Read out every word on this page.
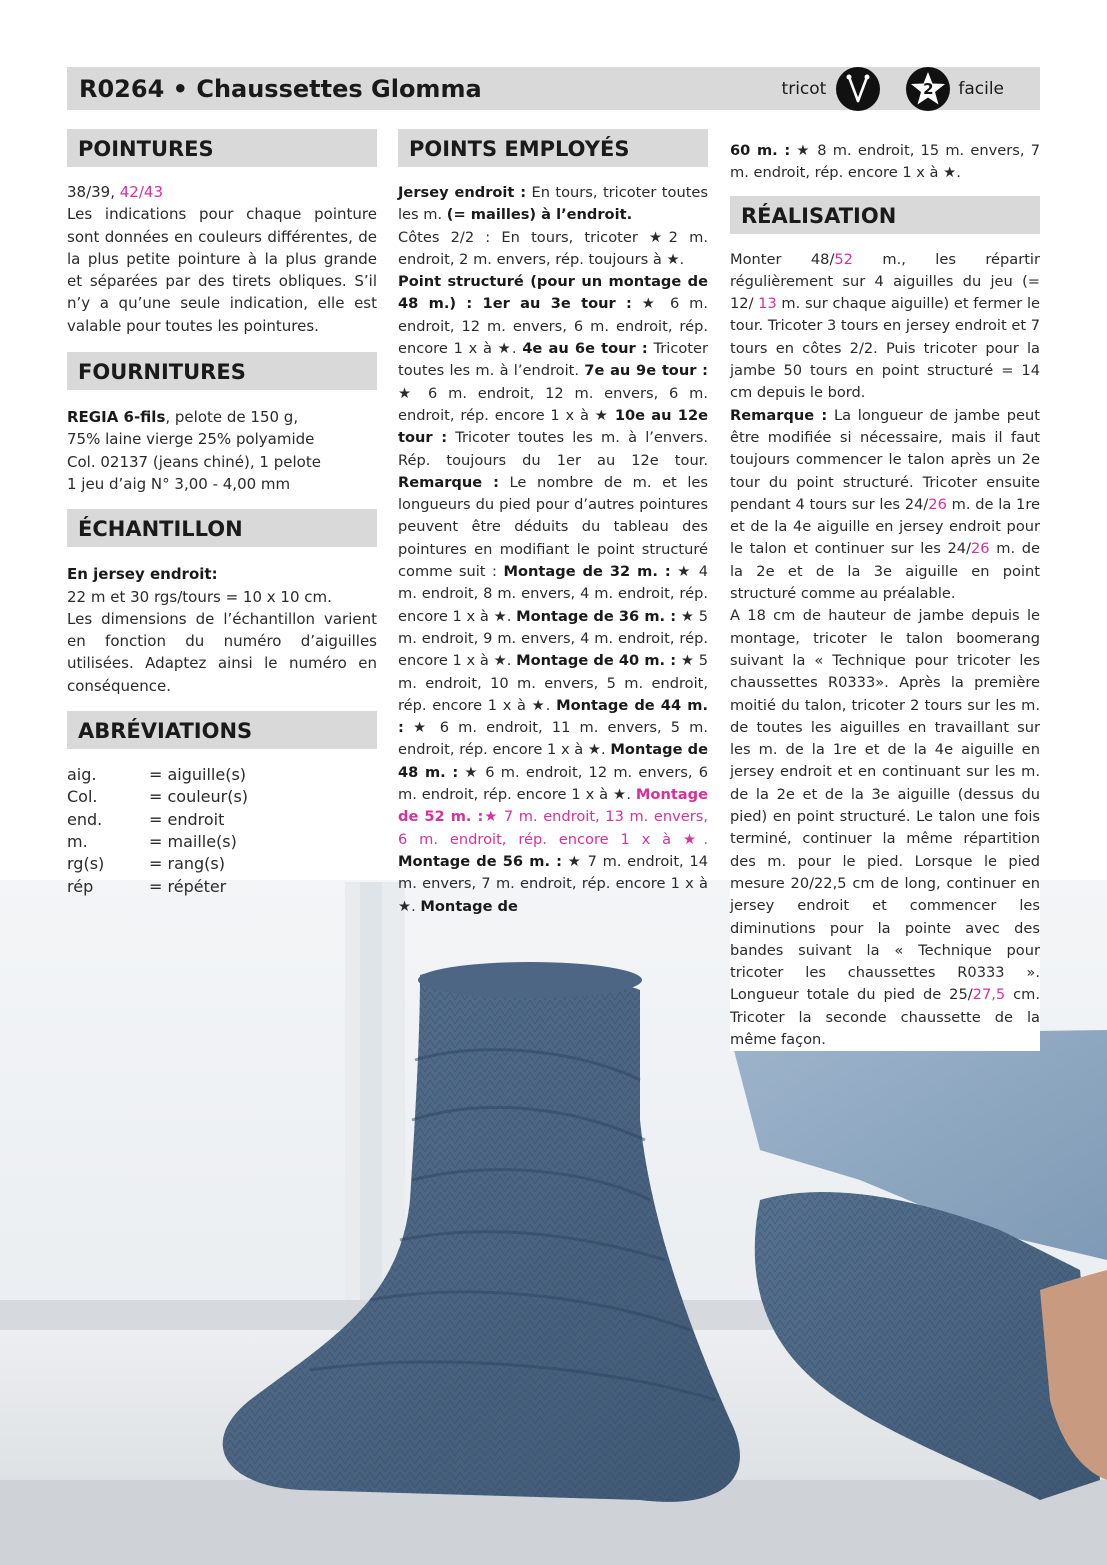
R0264 • Chaussettes Glomma	tricot	2	facile
POINTURES

38/39, 42/43

Les indications pour chaque pointure sont données en couleurs différentes, de la plus petite pointure à la plus grande et séparées par des tirets obliques. S’il n’y a qu’une seule indication, elle est valable pour toutes les pointures.

FOURNITURES

REGIA 6-fils, pelote de 150 g,

75% laine vierge 25% polyamide

Col. 02137 (jeans chiné), 1 pelote

1 jeu d’aig N° 3,00 - 4,00 mm

ÉCHANTILLON

En jersey endroit:

22 m et 30 rgs/tours = 10 x 10 cm.

Les dimensions de l’échantillon varient en fonction du numéro d’aiguilles utilisées. Adaptez ainsi le numéro en conséquence.

ABRÉVIATIONS
aig.	= aiguille(s)
Col.	= couleur(s)
end.	= endroit
m.	= maille(s)
rg(s)	= rang(s)
rép	= répéter
POINTS EMPLOYÉS

Jersey endroit : En tours, tricoter toutes les m. (= mailles) à l’endroit.

Côtes 2/2 : En tours, tricoter ★2 m. endroit, 2 m. envers, rép. toujours à ★.

Point structuré (pour un montage de 48 m.) : 1er au 3e tour : ★ 6 m. endroit, 12 m. envers, 6 m. endroit, rép. encore 1 x à ★. 4e au 6e tour : Tricoter toutes les m. à l’endroit. 7e au 9e tour : ★ 6 m. endroit, 12 m. envers, 6 m. endroit, rép. encore 1 x à ★ 10e au 12e tour : Tricoter toutes les m. à l’envers. Rép. toujours du 1er au 12e tour. Remarque : Le nombre de m. et les longueurs du pied pour d’autres pointures peuvent être déduits du tableau des pointures en modifiant le point structuré comme suit : Montage de 32 m. : ★ 4 m. endroit, 8 m. envers, 4 m. endroit, rép. encore 1 x à ★. Montage de 36 m. : ★ 5 m. endroit, 9 m. envers, 4 m. endroit, rép. encore 1 x à ★. Montage de 40 m. : ★ 5 m. endroit, 10 m. envers, 5 m. endroit, rép. encore 1 x à ★. Montage de 44 m. : ★ 6 m. endroit, 11 m. envers, 5 m. endroit, rép. encore 1 x à ★. Montage de 48 m. : ★ 6 m. endroit, 12 m. envers, 6 m. endroit, rép. encore 1 x à ★. Montage de 52 m. :★ 7 m. endroit, 13 m. envers, 6 m. endroit, rép. encore 1 x à ★. Montage de 56 m. : ★ 7 m. endroit, 14 m. envers, 7 m. endroit, rép. encore 1 x à ★. Montage de

60 m. : ★ 8 m. endroit, 15 m. envers, 7 m. endroit, rép. encore 1 x à ★.

RÉALISATION

Monter 48/52 m., les répartir régulièrement sur 4 aiguilles du jeu (= 12/ 13 m. sur chaque aiguille) et fermer le tour. Tricoter 3 tours en jersey endroit et 7 tours en côtes 2/2. Puis tricoter pour la jambe 50 tours en point structuré = 14 cm depuis le bord.

Remarque : La longueur de jambe peut être modifiée si nécessaire, mais il faut toujours commencer le talon après un 2e tour du point structuré. Tricoter ensuite pendant 4 tours sur les 24/26 m. de la 1re et de la 4e aiguille en jersey endroit pour le talon et continuer sur les 24/26 m. de la 2e et de la 3e aiguille en point structuré comme au préalable.

A 18 cm de hauteur de jambe depuis le montage, tricoter le talon boomerang suivant la « Technique pour tricoter les chaussettes R0333». Après la première moitié du talon, tricoter 2 tours sur les m. de toutes les aiguilles en travaillant sur les m. de la 1re et de la 4e aiguille en jersey endroit et en continuant sur les m. de la 2e et de la 3e aiguille (dessus du pied) en point structuré. Le talon une fois terminé, continuer la même répartition des m. pour le pied. Lorsque le pied mesure 20/22,5 cm de long, continuer en jersey endroit et commencer les diminutions pour la pointe avec des bandes suivant la « Technique pour tricoter les chaussettes R0333 ». Longueur totale du pied de 25/27,5 cm. Tricoter la seconde chaussette de la même façon.
